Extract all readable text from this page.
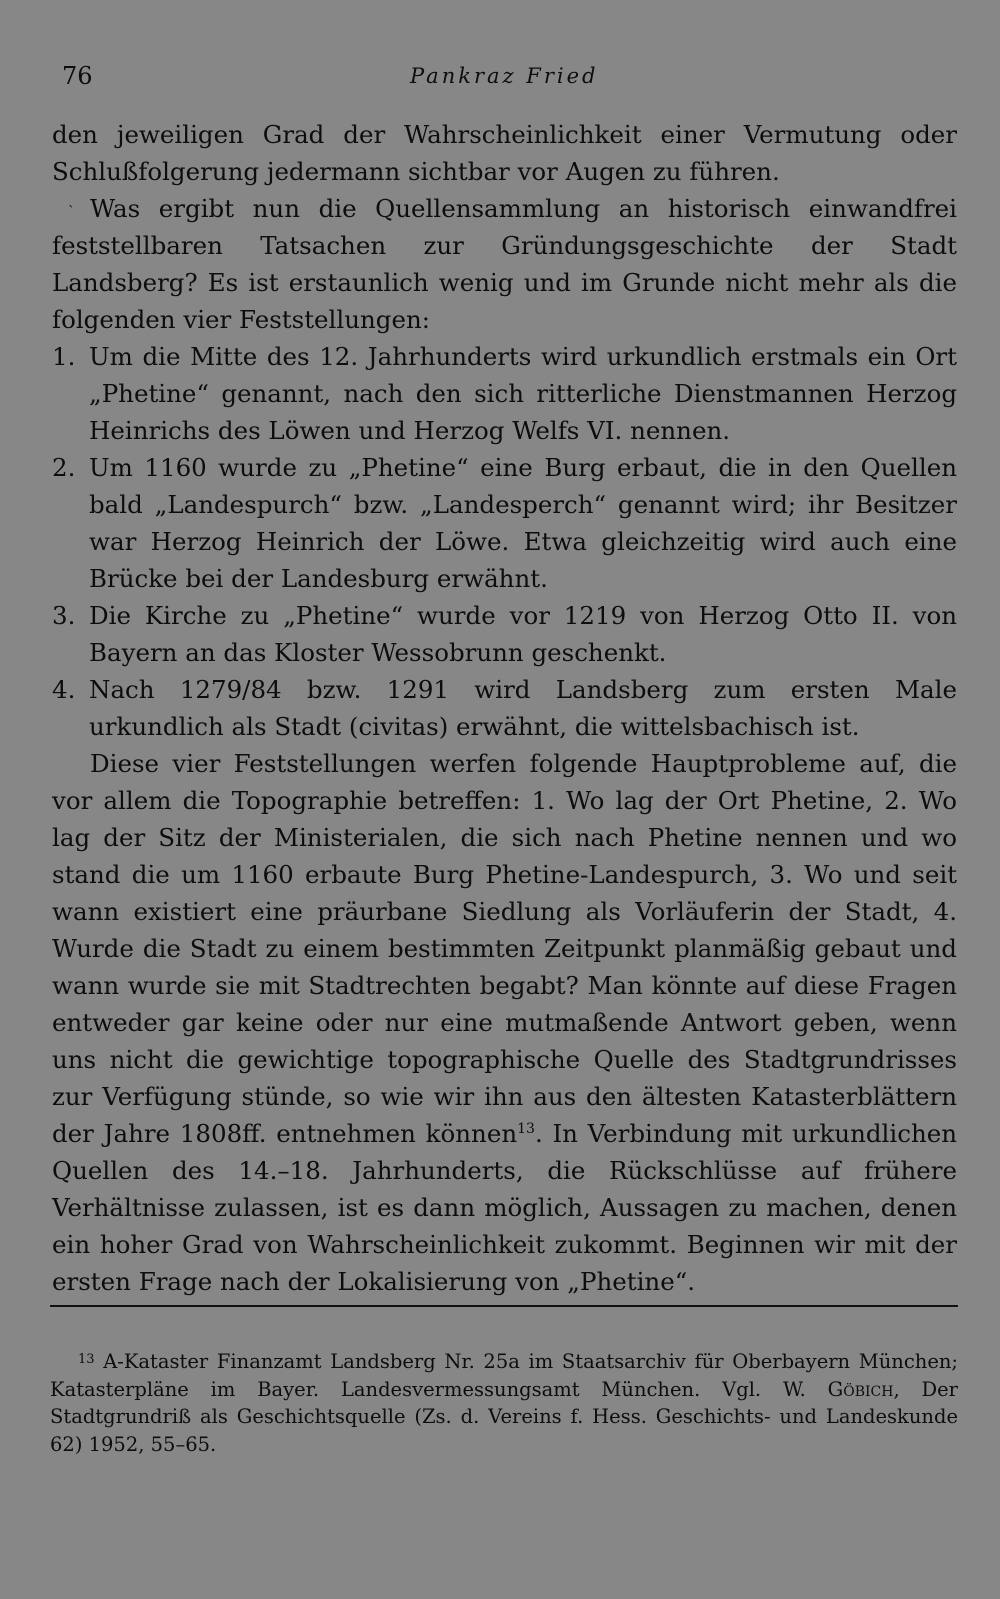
76	Pankraz Fried

den jeweiligen Grad der Wahrscheinlichkeit einer Vermutung oder Schlußfolgerung jedermann sichtbar vor Augen zu führen.

ˋ Was ergibt nun die Quellensammlung an historisch einwandfrei feststellbaren Tatsachen zur Gründungsgeschichte der Stadt Landsberg? Es ist erstaunlich wenig und im Grunde nicht mehr als die folgenden vier Feststellungen:

1. Um die Mitte des 12. Jahrhunderts wird urkundlich erstmals ein Ort „Phetine“ genannt, nach den sich ritterliche Dienstmannen Herzog Heinrichs des Löwen und Herzog Welfs VI. nennen.
2. Um 1160 wurde zu „Phetine“ eine Burg erbaut, die in den Quellen bald „Landespurch“ bzw. „Landesperch“ genannt wird; ihr Besitzer war Herzog Heinrich der Löwe. Etwa gleichzeitig wird auch eine Brücke bei der Landesburg erwähnt.
3. Die Kirche zu „Phetine“ wurde vor 1219 von Herzog Otto II. von Bayern an das Kloster Wessobrunn geschenkt.
4. Nach 1279/84 bzw. 1291 wird Landsberg zum ersten Male urkundlich als Stadt (civitas) erwähnt, die wittelsbachisch ist.

Diese vier Feststellungen werfen folgende Hauptprobleme auf, die vor allem die Topographie betreffen: 1. Wo lag der Ort Phetine, 2. Wo lag der Sitz der Ministerialen, die sich nach Phetine nennen und wo stand die um 1160 erbaute Burg Phetine-Landespurch, 3. Wo und seit wann existiert eine präurbane Siedlung als Vorläuferin der Stadt, 4. Wurde die Stadt zu einem bestimmten Zeitpunkt planmäßig gebaut und wann wurde sie mit Stadtrechten begabt? Man könnte auf diese Fragen entweder gar keine oder nur eine mutmaßende Antwort geben, wenn uns nicht die gewichtige topographische Quelle des Stadtgrundrisses zur Verfügung stünde, so wie wir ihn aus den ältesten Katasterblättern der Jahre 1808ff. entnehmen können$^{13}$. In Verbindung mit urkundlichen Quellen des 14.–18. Jahrhunderts, die Rückschlüsse auf frühere Verhältnisse zulassen, ist es dann möglich, Aussagen zu machen, denen ein hoher Grad von Wahrscheinlichkeit zukommt. Beginnen wir mit der ersten Frage nach der Lokalisierung von „Phetine“.

$^{13}$ A-Kataster Finanzamt Landsberg Nr. 25a im Staatsarchiv für Oberbayern München; Katasterpläne im Bayer. Landesvermessungsamt München. Vgl. W. Göbich, Der Stadtgrundriß als Geschichtsquelle (Zs. d. Vereins f. Hess. Geschichts- und Landeskunde 62) 1952, 55–65.
